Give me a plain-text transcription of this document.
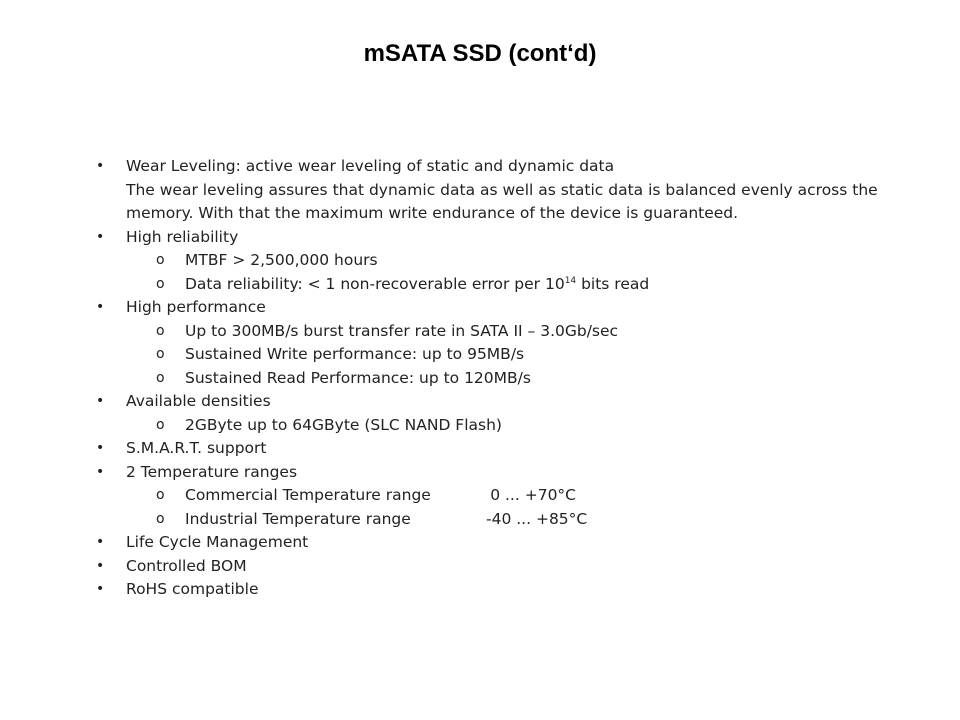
mSATA SSD (cont‘d)
•	Wear Leveling: active wear leveling of static and dynamic data
The wear leveling assures that dynamic data as well as static data is balanced evenly across the
memory. With that the maximum write endurance of the device is guaranteed.
•	High reliability
o MTBF > 2,500,000 hours
o Data reliability: < 1 non-recoverable error per $10^{14}$ bits read
•	High performance
o Up to 300MB/s burst transfer rate in SATA II – 3.0Gb/sec
o Sustained Write performance: up to 95MB/s
o Sustained Read Performance: up to 120MB/s
•	Available densities
o 2GByte up to 64GByte (SLC NAND Flash)
•	S.M.A.R.T. support
•	2 Temperature ranges
o Commercial Temperature range	0 ... +70°C
o Industrial Temperature range	-40 ... +85°C
•	Life Cycle Management
•	Controlled BOM
•	RoHS compatible
